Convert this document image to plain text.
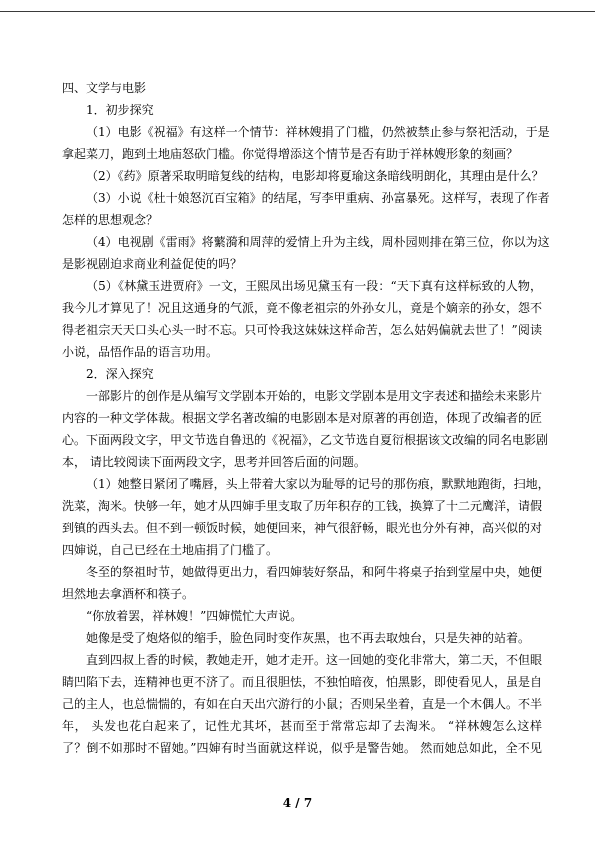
四、文学与电影
1．初步探究
（1）电影《祝福》有这样一个情节：祥林嫂捐了门槛，仍然被禁止参与祭祀活动，于是
拿起菜刀，跑到土地庙怒砍门槛。你觉得增添这个情节是否有助于祥林嫂形象的刻画？
（2）《药》原著采取明暗复线的结构，电影却将夏瑜这条暗线明朗化，其理由是什么？
（3）小说《杜十娘怒沉百宝箱》的结尾，写李甲重病、孙富暴死。这样写，表现了作者
怎样的思想观念？
（4）电视剧《雷雨》将蘩漪和周萍的爱情上升为主线，周朴园则排在第三位，你以为这
是影视剧迫求商业利益促使的吗？
（5）《林黛玉进贾府》一文，王熙凤出场见黛玉有一段：“天下真有这样标致的人物，
我今儿才算见了！况且这通身的气派，竟不像老祖宗的外孙女儿，竟是个嫡亲的孙女，怨不
得老祖宗天天口头心头一时不忘。只可怜我这妹妹这样命苦，怎么姑妈偏就去世了！”阅读
小说，品悟作品的语言功用。
2．深入探究
一部影片的创作是从编写文学剧本开始的，电影文学剧本是用文字表述和描绘未来影片
内容的一种文学体裁。根据文学名著改编的电影剧本是对原著的再创造，体现了改编者的匠
心。下面两段文字，甲文节选自鲁迅的《祝福》，乙文节选自夏衍根据该文改编的同名电影剧
本， 请比较阅读下面两段文字，思考并回答后面的问题。
（1）她整日紧闭了嘴唇，头上带着大家以为耻辱的记号的那伤痕，默默地跑街，扫地，
洗菜，淘米。快够一年，她才从四婶手里支取了历年积存的工钱，换算了十二元鹰洋，请假
到镇的西头去。但不到一顿饭时候，她便回来，神气很舒畅，眼光也分外有神，高兴似的对
四婶说，自己已经在土地庙捐了门槛了。
冬至的祭祖时节，她做得更出力，看四婶装好祭品，和阿牛将桌子抬到堂屋中央，她便
坦然地去拿酒杯和筷子。
“你放着罢，祥林嫂！”四婶慌忙大声说。
她像是受了炮烙似的缩手，脸色同时变作灰黑，也不再去取烛台，只是失神的站着。
直到四叔上香的时候，教她走开，她才走开。这一回她的变化非常大，第二天，不但眼
睛凹陷下去，连精神也更不济了。而且很胆怯，不独怕暗夜，怕黑影，即使看见人，虽是自
己的主人，也总惴惴的，有如在白天出穴游行的小鼠；否则呆坐着，直是一个木偶人。不半
年， 头发也花白起来了，记性尤其坏，甚而至于常常忘却了去淘米。 “祥林嫂怎么这样
了？倒不如那时不留她。”四婶有时当面就这样说，似乎是警告她。 然而她总如此，全不见
4 / 7
